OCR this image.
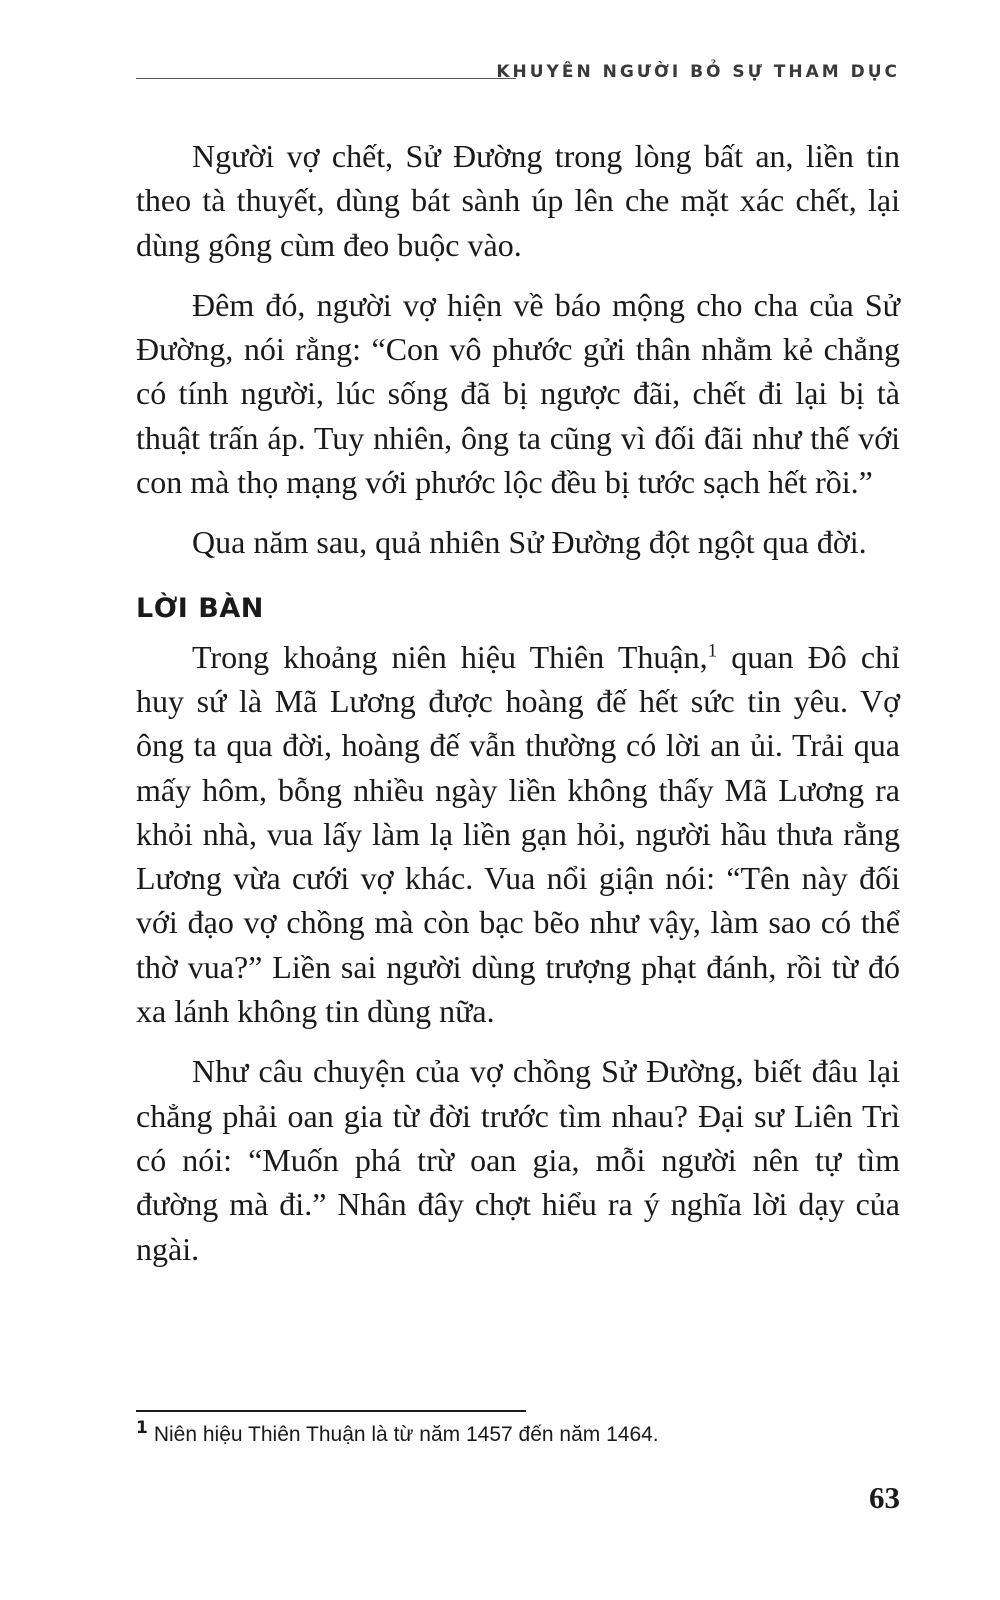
KHUYÊN NGƯỜI BỎ SỰ THAM DỤC

Người vợ chết, Sử Đường trong lòng bất an, liền tin theo tà thuyết, dùng bát sành úp lên che mặt xác chết, lại dùng gông cùm đeo buộc vào.

Đêm đó, người vợ hiện về báo mộng cho cha của Sử Đường, nói rằng: “Con vô phước gửi thân nhằm kẻ chẳng có tính người, lúc sống đã bị ngược đãi, chết đi lại bị tà thuật trấn áp. Tuy nhiên, ông ta cũng vì đối đãi như thế với con mà thọ mạng với phước lộc đều bị tước sạch hết rồi.”

Qua năm sau, quả nhiên Sử Đường đột ngột qua đời.

LỜI BÀN

Trong khoảng niên hiệu Thiên Thuận,$^1$ quan Đô chỉ huy sứ là Mã Lương được hoàng đế hết sức tin yêu. Vợ ông ta qua đời, hoàng đế vẫn thường có lời an ủi. Trải qua mấy hôm, bỗng nhiều ngày liền không thấy Mã Lương ra khỏi nhà, vua lấy làm lạ liền gạn hỏi, người hầu thưa rằng Lương vừa cưới vợ khác. Vua nổi giận nói: “Tên này đối với đạo vợ chồng mà còn bạc bẽo như vậy, làm sao có thể thờ vua?” Liền sai người dùng trượng phạt đánh, rồi từ đó xa lánh không tin dùng nữa.

Như câu chuyện của vợ chồng Sử Đường, biết đâu lại chẳng phải oan gia từ đời trước tìm nhau? Đại sư Liên Trì có nói: “Muốn phá trừ oan gia, mỗi người nên tự tìm đường mà đi.” Nhân đây chợt hiểu ra ý nghĩa lời dạy của ngài.

$^1$ Niên hiệu Thiên Thuận là từ năm 1457 đến năm 1464.
63
